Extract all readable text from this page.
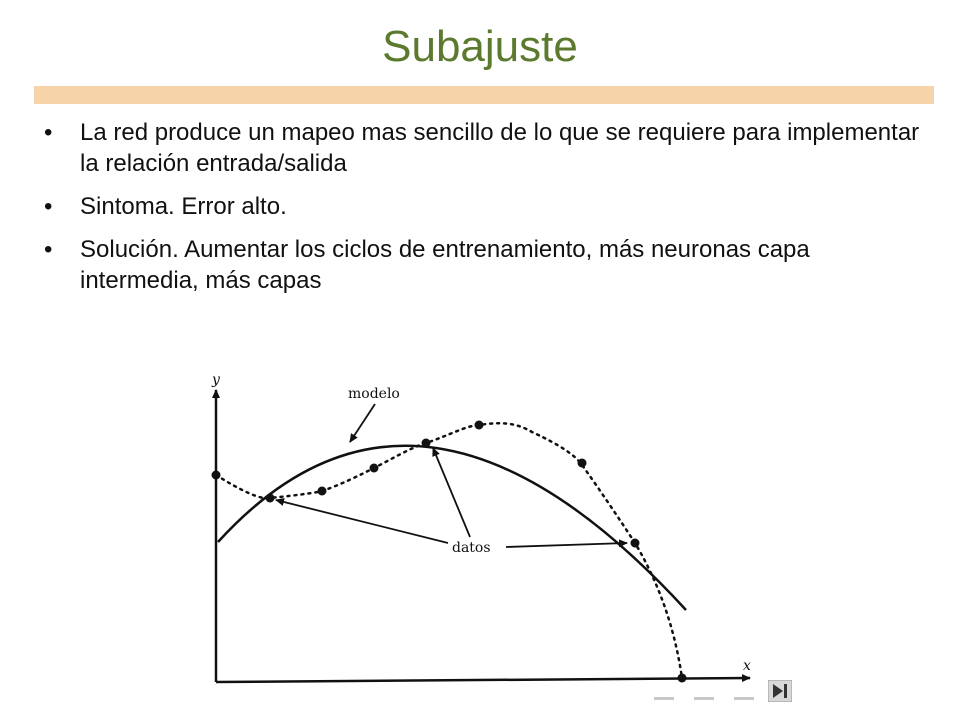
Subajuste
• La red produce un mapeo mas sencillo de lo que se requiere para implementar la relación entrada/salida
• Sintoma. Error alto.
• Solución. Aumentar los ciclos de entrenamiento, más neuronas capa intermedia, más capas
y
x
modelo
datos
